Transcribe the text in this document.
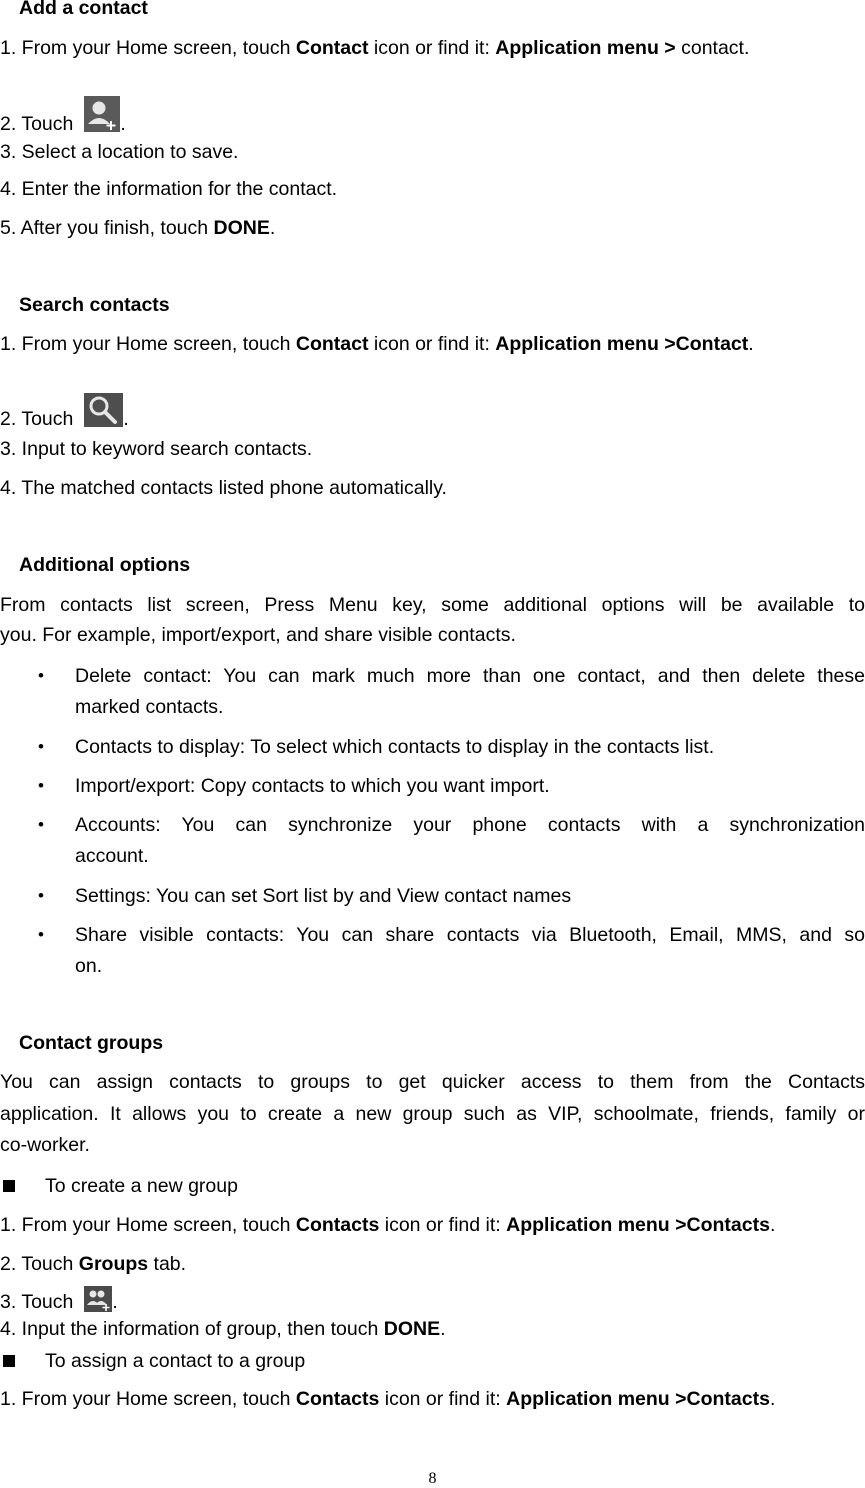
Add a contact
1. From your Home screen, touch Contact icon or find it: Application menu > contact.
2. Touch .
3. Select a location to save.
4. Enter the information for the contact.
5. After you finish, touch DONE.
Search contacts
1. From your Home screen, touch Contact icon or find it: Application menu >Contact.
2. Touch	.
3. Input to keyword search contacts.
4. The matched contacts listed phone automatically.
Additional options
From contacts list screen, Press Menu key, some additional options will be available to
you. For example, import/export, and share visible contacts.
•	Delete contact: You can mark much more than one contact, and then delete these
marked contacts.
•	Contacts to display: To select which contacts to display in the contacts list.
•	Import/export: Copy contacts to which you want import.
•	Accounts: You can synchronize your phone contacts with a synchronization
account.
•	Settings: You can set Sort list by and View contact names
•	Share visible contacts: You can share contacts via Bluetooth, Email, MMS, and so
on.
Contact groups
You can assign contacts to groups to get quicker access to them from the Contacts
application. It allows you to create a new group such as VIP, schoolmate, friends, family or
co-worker.
To create a new group
1. From your Home screen, touch Contacts icon or find it: Application menu >Contacts.
2. Touch Groups tab.
3. Touch .
4. Input the information of group, then touch DONE.
To assign a contact to a group
1. From your Home screen, touch Contacts icon or find it: Application menu >Contacts.
8
